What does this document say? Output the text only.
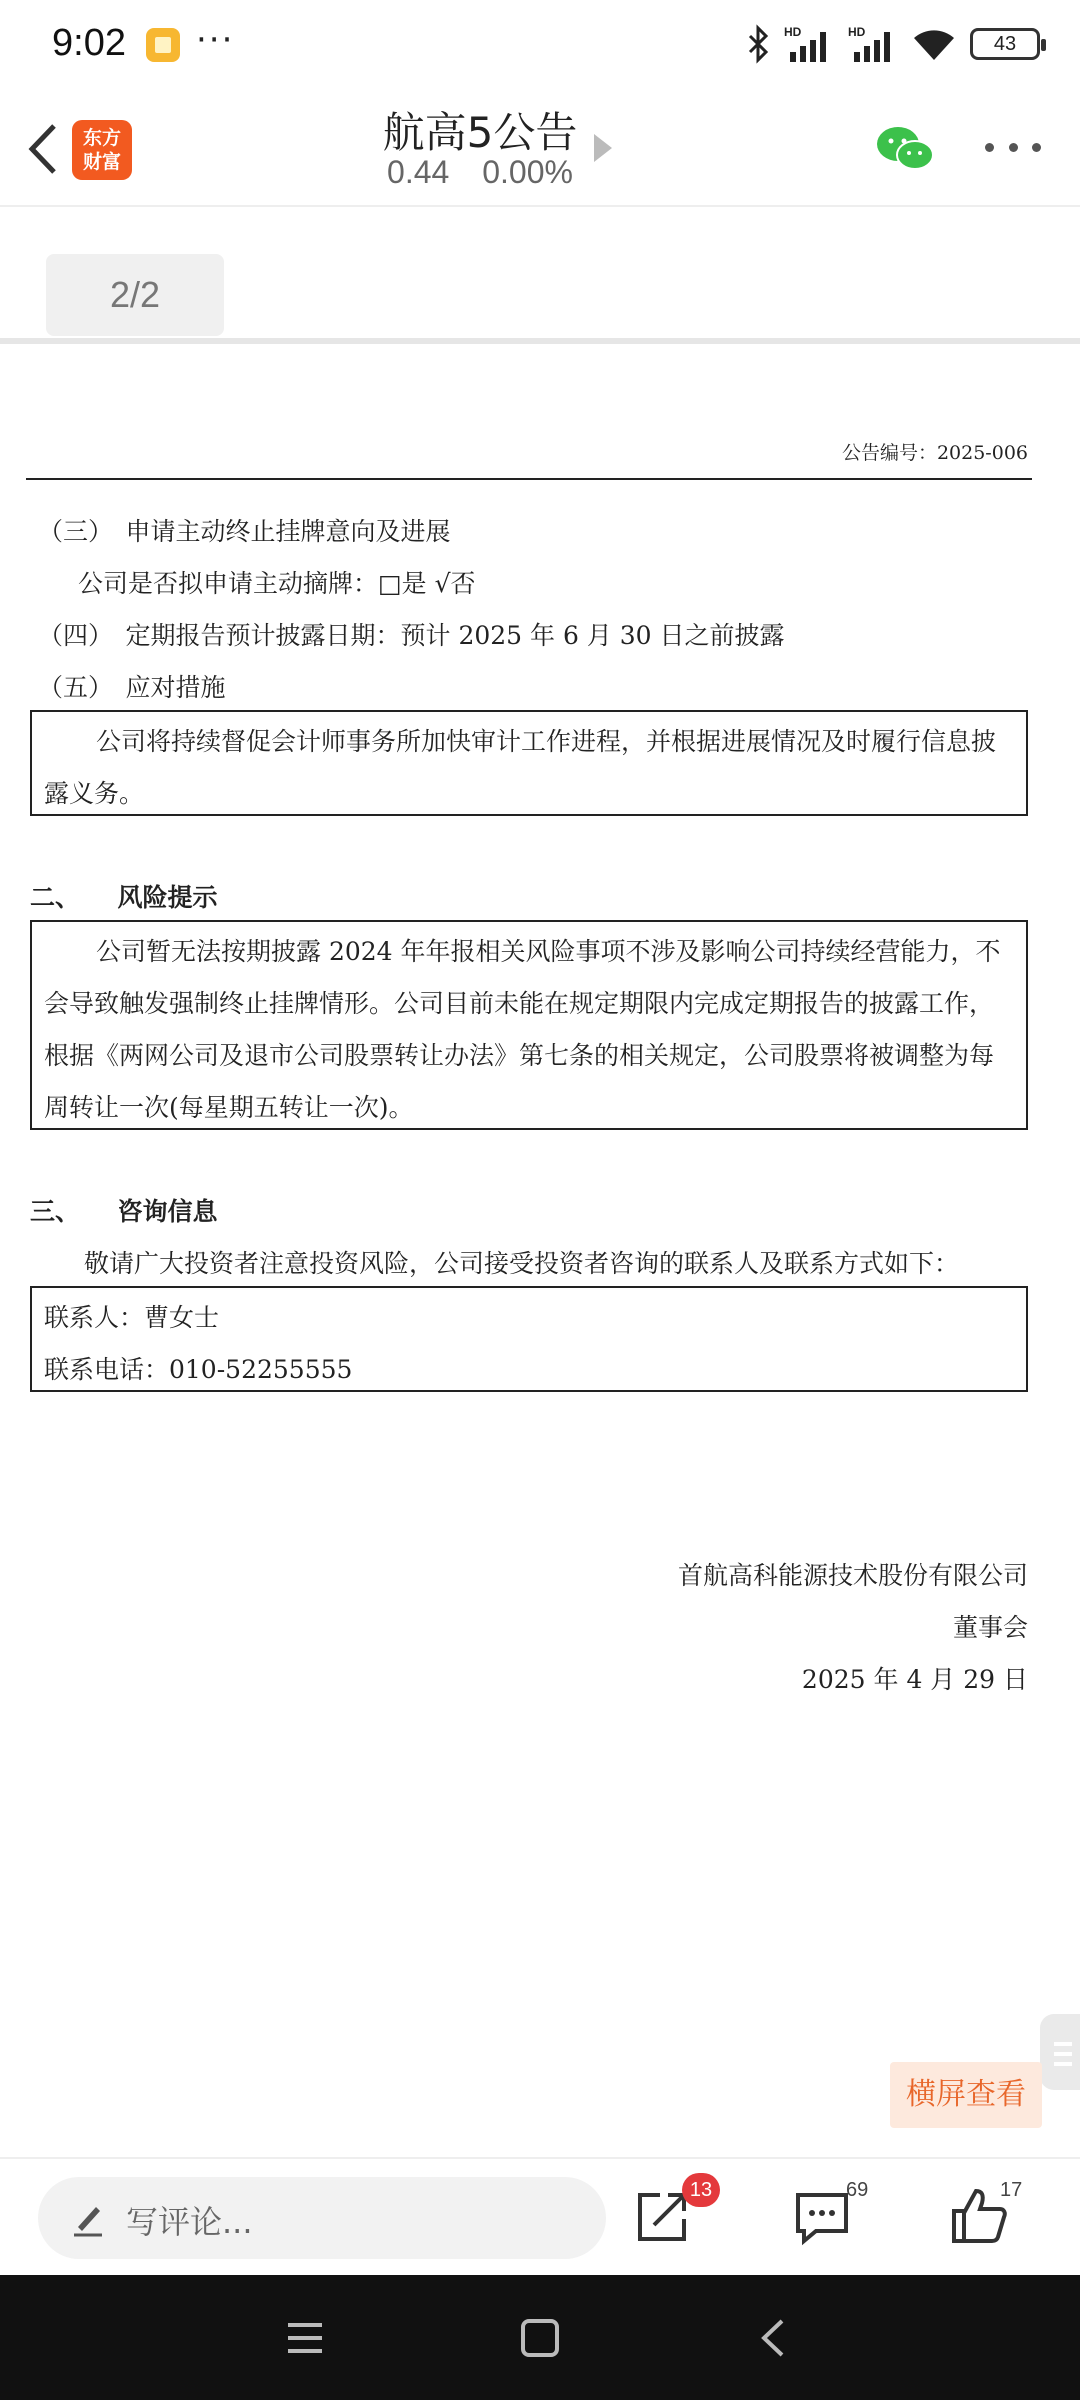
9:02 ···	HD	HD
43
东方
财富
航高5公告
0.44 0.00%
2/2
公告编号：2025-006
（三）　申请主动终止挂牌意向及进展
公司是否拟申请主动摘牌：□是 √否
（四）　定期报告预计披露日期：预计 2025 年 6 月 30 日之前披露
（五）　应对措施
公司将持续督促会计师事务所加快审计工作进程，并根据进展情况及时履行信息披露义务。
二、　　风险提示
公司暂无法按期披露 2024 年年报相关风险事项不涉及影响公司持续经营能力，不会导致触发强制终止挂牌情形。公司目前未能在规定期限内完成定期报告的披露工作，根据《两网公司及退市公司股票转让办法》第七条的相关规定，公司股票将被调整为每周转让一次(每星期五转让一次)。
三、　　咨询信息
敬请广大投资者注意投资风险，公司接受投资者咨询的联系人及联系方式如下：
联系人：曹女士
联系电话：010-52255555
首航高科能源技术股份有限公司
董事会
2025 年 4 月 29 日
横屏查看
写评论...
13	69	17
